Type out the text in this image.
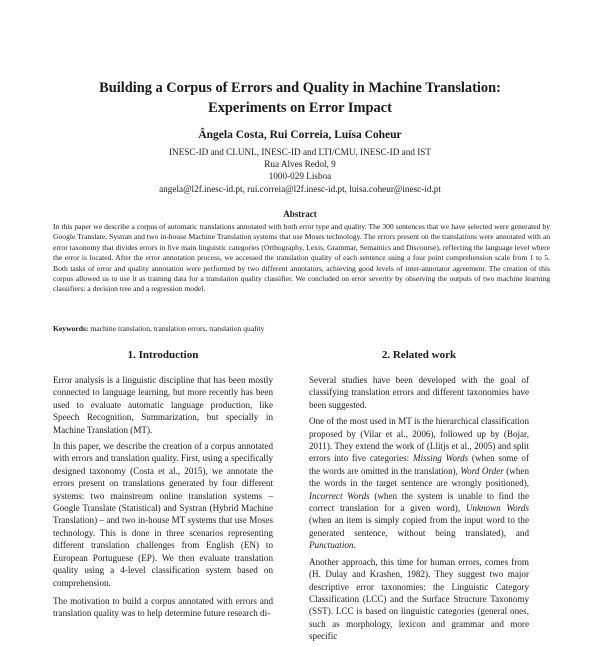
Building a Corpus of Errors and Quality in Machine Translation:
Experiments on Error Impact
Ângela Costa, Rui Correia, Luísa Coheur
INESC-ID and CLUNL, INESC-ID and LTI/CMU, INESC-ID and IST
Rua Alves Redol, 9
1000-029 Lisboa
angela@l2f.inesc-id.pt, rui.correia@l2f.inesc-id.pt, luisa.coheur@inesc-id.pt
Abstract

In this paper we describe a corpus of automatic translations annotated with both error type and quality. The 300 sentences that we have selected were generated by Google Translate, Systran and two in-house Machine Translation systems that use Moses technology. The errors present on the translations were annotated with an error taxonomy that divides errors in five main linguistic categories (Orthography, Lexis, Grammar, Semantics and Discourse), reflecting the language level where the error is located. After the error annotation process, we accessed the translation quality of each sentence using a four point comprehension scale from 1 to 5. Both tasks of error and quality annotation were performed by two different annotators, achieving good levels of inter-annotator agreement. The creation of this corpus allowed us to use it as training data for a translation quality classifier. We concluded on error severity by observing the outputs of two machine learning classifiers: a decision tree and a regression model.

Keywords: machine translation, translation errors, translation quality

1. Introduction

Error analysis is a linguistic discipline that has been mostly connected to language learning, but more recently has been used to evaluate automatic language production, like Speech Recognition, Summarization, but specially in Machine Translation (MT).

In this paper, we describe the creation of a corpus annotated with errors and translation quality. First, using a specifically designed taxonomy (Costa et al., 2015), we annotate the errors present on translations generated by four different systems: two mainstream online translation systems – Google Translate (Statistical) and Systran (Hybrid Machine Translation) – and two in-house MT systems that use Moses technology. This is done in three scenarios representing different translation challenges from English (EN) to European Portuguese (EP). We then evaluate translation quality using a 4-level classification system based on comprehension.

The motivation to build a corpus annotated with errors and translation quality was to help determine future research di-

2. Related work

Several studies have been developed with the goal of classifying translation errors and different taxonomies have been suggested.

One of the most used in MT is the hierarchical classification proposed by (Vilar et al., 2006), followed up by (Bojar, 2011). They extend the work of (Llitjs et al., 2005) and split errors into five categories: Missing Words (when some of the words are omitted in the translation), Word Order (when the words in the target sentence are wrongly positioned), Incorrect Words (when the system is unable to find the correct translation for a given word), Unknown Words (when an item is simply copied from the input word to the generated sentence, without being translated), and Punctuation.

Another approach, this time for human errors, comes from (H. Dulay and Krashen, 1982). They suggest two major descriptive error taxonomies: the Linguistic Category Classification (LCC) and the Surface Structure Taxonomy (SST). LCC is based on linguistic categories (general ones, such as morphology, lexicon and grammar and more specific
